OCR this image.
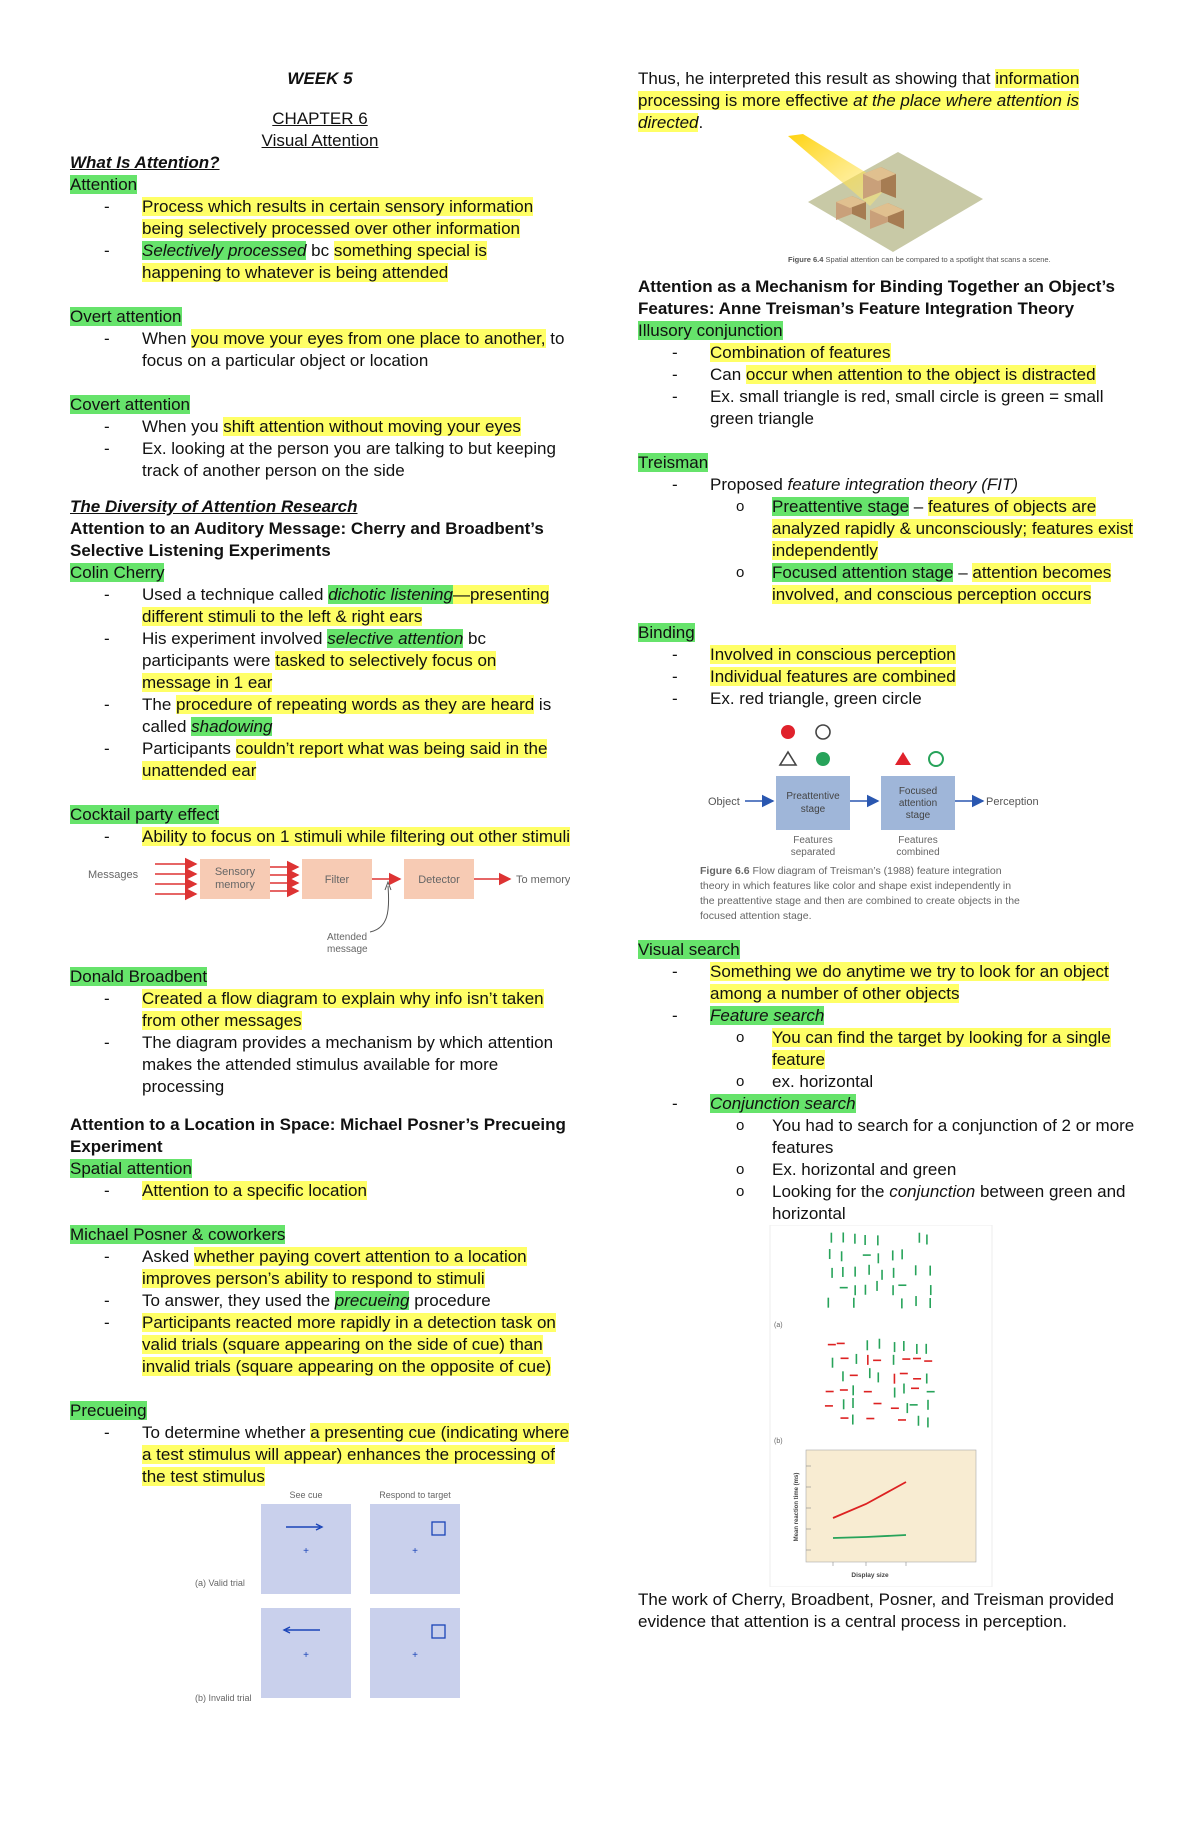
WEEK 5
CHAPTER 6
Visual Attention
What Is Attention?
Attention
- Process which results in certain sensory information being selectively processed over other information
- Selectively processed bc something special is happening to whatever is being attended
Overt attention
- When you move your eyes from one place to another, to focus on a particular object or location
Covert attention
- When you shift attention without moving your eyes
- Ex. looking at the person you are talking to but keeping track of another person on the side
The Diversity of Attention Research
Attention to an Auditory Message: Cherry and Broadbent’s Selective Listening Experiments
Colin Cherry
- Used a technique called dichotic listening—presenting different stimuli to the left & right ears
- His experiment involved selective attention bc participants were tasked to selectively focus on message in 1 ear
- The procedure of repeating words as they are heard is called shadowing
- Participants couldn’t report what was being said in the unattended ear
Cocktail party effect
- Ability to focus on 1 stimuli while filtering out other stimuli
Messages	Sensory
memory	Filter	Detector	To memory
Attended
message
Donald Broadbent
- Created a flow diagram to explain why info isn’t taken from other messages
- The diagram provides a mechanism by which attention makes the attended stimulus available for more processing
Attention to a Location in Space: Michael Posner’s Precueing Experiment
Spatial attention
- Attention to a specific location
Michael Posner & coworkers
- Asked whether paying covert attention to a location improves person’s ability to respond to stimuli
- To answer, they used the precueing procedure
- Participants reacted more rapidly in a detection task on valid trials (square appearing on the side of cue) than invalid trials (square appearing on the opposite of cue)
Precueing
- To determine whether a presenting cue (indicating where a test stimulus will appear) enhances the processing of the test stimulus
See cue	Respond to target
+	+
(a) Valid trial
+	+
(b) Invalid trial
Thus, he interpreted this result as showing that information processing is more effective at the place where attention is directed.
Figure 6.4 Spatial attention can be compared to a spotlight that scans a scene.
Attention as a Mechanism for Binding Together an Object’s Features: Anne Treisman’s Feature Integration Theory
Illusory conjunction
- Combination of features
- Can occur when attention to the object is distracted
- Ex. small triangle is red, small circle is green = small green triangle
Treisman
- Proposed feature integration theory (FIT)
o Preattentive stage – features of objects are analyzed rapidly & unconsciously; features exist independently
o Focused attention stage – attention becomes involved, and conscious perception occurs
Binding
- Involved in conscious perception
- Individual features are combined
- Ex. red triangle, green circle
Object	Preattentive
stage
Focused
attention
stage
Perception
Features
separated
Features
combined
Figure 6.6 Flow diagram of Treisman’s (1988) feature integration theory in which features like color and shape exist independently in the preattentive stage and then are combined to create objects in the focused attention stage.
Visual search
- Something we do anytime we try to look for an object among a number of other objects
- Feature search
o You can find the target by looking for a single feature
o ex. horizontal
- Conjunction search
o You had to search for a conjunction of 2 or more features
o Ex. horizontal and green
o Looking for the conjunction between green and horizontal
(a)
(b)
Display size
Mean reaction time (ms)
The work of Cherry, Broadbent, Posner, and Treisman provided evidence that attention is a central process in perception.
